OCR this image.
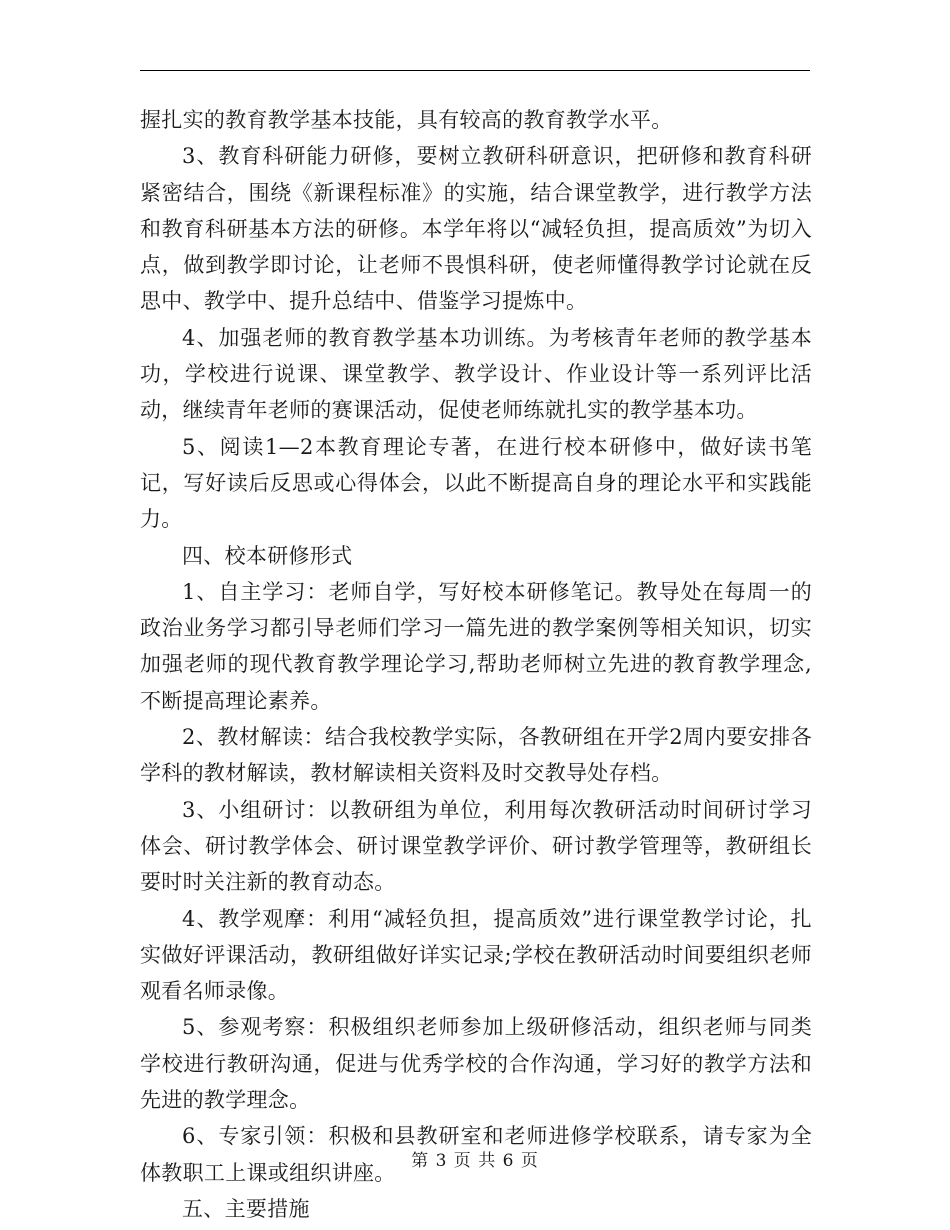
握扎实的教育教学基本技能，具有较高的教育教学水平。

3、教育科研能力研修，要树立教研科研意识，把研修和教育科研紧密结合，围绕《新课程标准》的实施，结合课堂教学，进行教学方法和教育科研基本方法的研修。本学年将以“减轻负担，提高质效”为切入点，做到教学即讨论，让老师不畏惧科研，使老师懂得教学讨论就在反思中、教学中、提升总结中、借鉴学习提炼中。

4、加强老师的教育教学基本功训练。为考核青年老师的教学基本功，学校进行说课、课堂教学、教学设计、作业设计等一系列评比活动，继续青年老师的赛课活动，促使老师练就扎实的教学基本功。

5、阅读1—2本教育理论专著，在进行校本研修中，做好读书笔记，写好读后反思或心得体会，以此不断提高自身的理论水平和实践能力。

四、校本研修形式

1、自主学习：老师自学，写好校本研修笔记。教导处在每周一的政治业务学习都引导老师们学习一篇先进的教学案例等相关知识，切实加强老师的现代教育教学理论学习,帮助老师树立先进的教育教学理念,不断提高理论素养。

2、教材解读：结合我校教学实际，各教研组在开学2周内要安排各学科的教材解读，教材解读相关资料及时交教导处存档。

3、小组研讨：以教研组为单位，利用每次教研活动时间研讨学习体会、研讨教学体会、研讨课堂教学评价、研讨教学管理等，教研组长要时时关注新的教育动态。

4、教学观摩：利用“减轻负担，提高质效”进行课堂教学讨论，扎实做好评课活动，教研组做好详实记录;学校在教研活动时间要组织老师观看名师录像。

5、参观考察：积极组织老师参加上级研修活动，组织老师与同类学校进行教研沟通，促进与优秀学校的合作沟通，学习好的教学方法和先进的教学理念。

6、专家引领：积极和县教研室和老师进修学校联系，请专家为全体教职工上课或组织讲座。

五、主要措施

第 3 页 共 6 页
